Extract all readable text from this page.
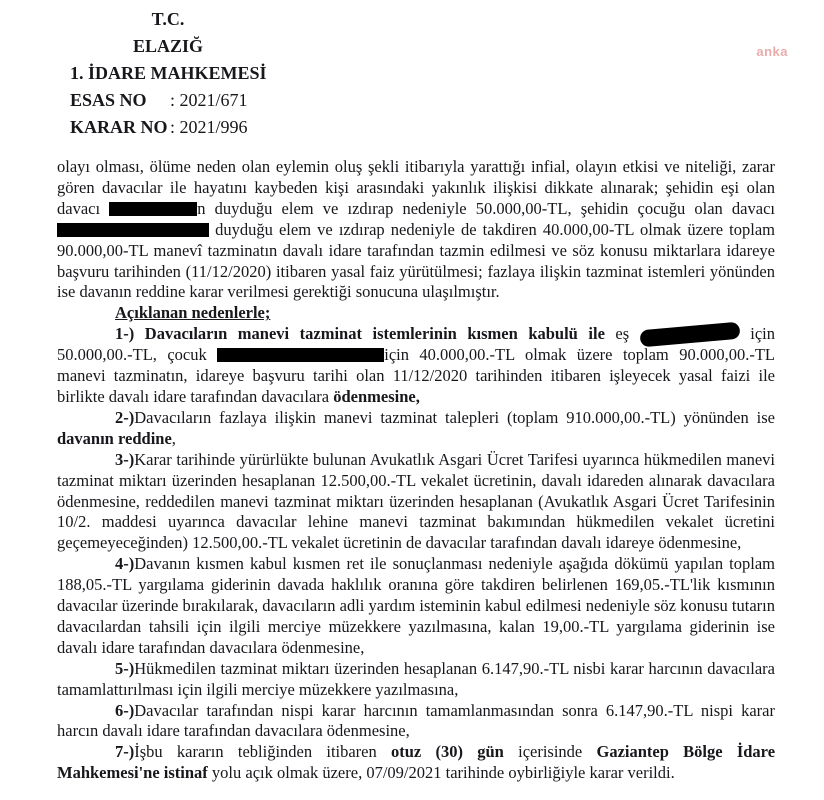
anka
T.C.
ELAZIĞ
1. İDARE MAHKEMESİ
ESAS NO	: 2021/671
KARAR NO : 2021/996

olayı olması, ölüme neden olan eylemin oluş şekli itibarıyla yarattığı infial, olayın etkisi ve niteliği, zarar gören davacılar ile hayatını kaybeden kişi arasındaki yakınlık ilişkisi dikkate alınarak; şehidin eşi olan davacı	n duyduğu elem ve ızdırap nedeniyle 50.000,00-TL, şehidin çocuğu olan davacı duyduğu elem ve ızdırap nedeniyle de takdiren 40.000,00-TL olmak üzere toplam 90.000,00-TL manevî tazminatın davalı idare tarafından tazmin edilmesi ve söz konusu miktarlara idareye başvuru tarihinden (11/12/2020) itibaren yasal faiz yürütülmesi; fazlaya ilişkin tazminat istemleri yönünden ise davanın reddine karar verilmesi gerektiği sonucuna ulaşılmıştır.

Açıklanan nedenlerle;

1-) Davacıların manevi tazminat istemlerinin kısmen kabulü ile eş	için 50.000,00.-TL, çocuk	için 40.000,00.-TL olmak üzere toplam 90.000,00.-TL manevi tazminatın, idareye başvuru tarihi olan 11/12/2020 tarihinden itibaren işleyecek yasal faizi ile birlikte davalı idare tarafından davacılara ödenmesine,

2-)Davacıların fazlaya ilişkin manevi tazminat talepleri (toplam 910.000,00.-TL) yönünden ise davanın reddine,

3-)Karar tarihinde yürürlükte bulunan Avukatlık Asgari Ücret Tarifesi uyarınca hükmedilen manevi tazminat miktarı üzerinden hesaplanan 12.500,00.-TL vekalet ücretinin, davalı idareden alınarak davacılara ödenmesine, reddedilen manevi tazminat miktarı üzerinden hesaplanan (Avukatlık Asgari Ücret Tarifesinin 10/2. maddesi uyarınca davacılar lehine manevi tazminat bakımından hükmedilen vekalet ücretini geçemeyeceğinden) 12.500,00.-TL vekalet ücretinin de davacılar tarafından davalı idareye ödenmesine,

4-)Davanın kısmen kabul kısmen ret ile sonuçlanması nedeniyle aşağıda dökümü yapılan toplam 188,05.-TL yargılama giderinin davada haklılık oranına göre takdiren belirlenen 169,05.-TL'lik kısmının davacılar üzerinde bırakılarak, davacıların adli yardım isteminin kabul edilmesi nedeniyle söz konusu tutarın davacılardan tahsili için ilgili merciye müzekkere yazılmasına, kalan 19,00.-TL yargılama giderinin ise davalı idare tarafından davacılara ödenmesine,

5-)Hükmedilen tazminat miktarı üzerinden hesaplanan 6.147,90.-TL nisbi karar harcının davacılara tamamlattırılması için ilgili merciye müzekkere yazılmasına,

6-)Davacılar tarafından nispi karar harcının tamamlanmasından sonra 6.147,90.-TL nispi karar harcın davalı idare tarafından davacılara ödenmesine,

7-)İşbu kararın tebliğinden itibaren otuz (30) gün içerisinde Gaziantep Bölge İdare Mahkemesi'ne istinaf yolu açık olmak üzere, 07/09/2021 tarihinde oybirliğiyle karar verildi.
